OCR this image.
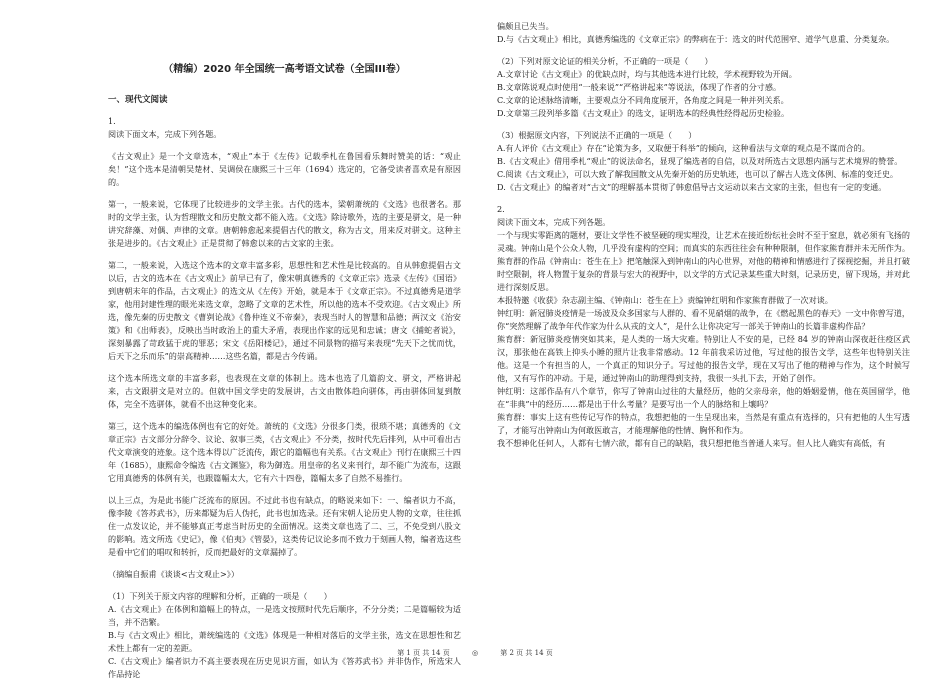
（精编）2020 年全国统一高考语文试卷（全国III卷）

一、现代文阅读

1.

阅读下面文本，完成下列各题。

《古文观止》是一个文章选本，“观止”本于《左传》记载季札在鲁国看乐舞时赞美的话：“观止矣！”这个选本是清朝吴楚材、吴调侯在康熙三十三年（1694）选定的，它备受读者喜欢是有原因的。

第一，一般来说，它体现了比较进步的文学主张。古代的选本，梁朝萧统的《文选》也很著名。那时的文学主张，认为哲理散文和历史散文都不能入选。《文选》除诗歌外，选的主要是骈文，是一种讲究辞藻、对偶、声律的文章。唐朝韩愈起来提倡古代的散文，称为古文，用来反对骈文。这种主张是进步的。《古文观止》正是贯彻了韩愈以来的古文家的主张。

第二，一般来说，入选这个选本的文章丰富多彩，思想性和艺术性是比较高的。自从韩愈提倡古文以后，古文的选本在《古文观止》前早已有了，像宋朝真德秀的《文章正宗》选录《左传》《国语》到唐朝末年的作品，古文观止》的选文从《左传》开始，就是本于《文章正宗》。不过真德秀是道学家，他用封建性理的眼光来选文章，忽略了文章的艺术性，所以他的选本不受欢迎。《古文观止》所选，像先秦的历史散文《曹刿论战》《鲁仲连义不帝秦》，表现当时人的智慧和品德；两汉文《治安策》和《出师表》，反映出当时政治上的重大矛盾，表现出作家的远见和忠诚；唐文《捕蛇者说》，深刻暴露了苛政猛于虎的罪恶；宋文《岳阳楼记》，通过不同景物的描写来表现“先天下之忧而忧，后天下之乐而乐”的崇高精神……这些名篇，都是古今传诵。

这个选本所选文章的丰富多彩，也表现在文章的体制上。选本也选了几篇韵文、骈文，严格讲起来，古文跟骈文是对立的。但就中国文学史的发展讲，古文由散体趋向骈体，再由骈体回复到散体，完全不选骈体，就看不出这种变化来。

第三，这个选本的编选体例也有它的好处。萧统的《文选》分很多门类，很琐不堪；真德秀的《文章正宗》古文部分分辞令、议论、叙事三类，《古文观止》不分类，按时代先后排列，从中可看出古代文章演变的迹象。这个选本得以广泛流传，跟它的篇幅也有关系。《古文观止》刊行在康熙三十四年（1685），康熙命令编选《古文渊鉴》，称为御选。用皇帝的名义来刊行，却不能广为流布，这跟它用真德秀的体例有关，也跟篇幅太大，它有六十四卷，篇幅太多了自然不易推行。

以上三点，为是此书能广泛流布的原因。不过此书也有缺点，的略说来如下：一、编者识力不高，像李陵《答苏武书》，历来都疑为后人伪托，此书也加选录。还有宋朝人论历史人物的文章，往往抓住一点发议论，并不能够真正考虑当时历史的全面情况。这类文章也选了二、三，不免受到八股文的影响。选文所选《史记》，像《伯夷》《管晏》，这类传记议论多而不致力于刻画人物，编者选这些是看中它们的唱叹和转折，反而把最好的文章漏掉了。

（摘编自振甫《谈谈<古文观止>》）

（1）下列关于原文内容的理解和分析，正确的一项是（　　）

A.《古文观止》在体例和篇幅上的特点，一是选文按照时代先后顺序，不分分类；二是篇幅较为适当，并不浩繁。

B.与《古文观止》相比，萧统编选的《文选》体现是一种相对落后的文学主张，选文在思想性和艺术性上都有一定的差距。

C.《古文观止》编者识力不高主要表现在历史见识方面，如认为《答苏武书》并非伪作，所选宋人作品持论

偏颇且已失当。

D.与《古文观止》相比，真德秀编选的《文章正宗》的弊病在于：选文的时代范围窄、道学气息重、分类复杂。

（2）下列对原文论证的相关分析，不正确的一项是（　　）

A.文章讨论《古文观止》的优缺点时，均与其他选本进行比较，学术视野较为开阔。

B.文章陈说观点时使用“一般来说”“严格讲起来”等说法，体现了作者的分寸感。

C.文章的论述脉络清晰，主要观点分不同角度展开，各角度之间是一种并列关系。

D.文章第三段列举多篇《古文观止》的选文，证明选本的经典性经得起历史检验。

（3）根据原文内容，下列说法不正确的一项是（　　）

A.有人评价《古文观止》存在“论策为多，又取便于科举”的倾向，这种看法与文章的观点是不谋而合的。

B.《古文观止》借用季札“观止”的说法命名，显现了编选者的自信，以及对所选古文思想内涵与艺术境界的赞誉。

C.阅读《古文观止》，可以大致了解我国散文从先秦开始的历史轨迹，也可以了解古人选文体例、标准的变迁史。

D.《古文观止》的编者对“古文”的理解基本贯彻了韩愈倡导古文运动以来古文家的主张，但也有一定的变通。

2.

阅读下面文本，完成下列各题。

一个与现实零距离的题材，要让文学性不被坚硬的现实埋没，让艺术在接近纷纭社会时不至于窒息，就必须有飞扬的灵魂。钟南山是个公众人物，几乎没有虚构的空间；而真实的东西往往会有种种限制，但作家熊育群并未无所作为。熊育群的作品《钟南山：苍生在上》把笔触深入到钟南山的内心世界，对他的精神和情感进行了探视挖掘，并且打破时空限制，将人物置于复杂的背景与宏大的视野中，以文学的方式记录某些重大时刻，记录历史，留下现场，并对此进行深刻反思。

本报特邀《收获》杂志副主编、《钟南山：苍生在上》责编钟红明和作家熊育群做了一次对谈。

钟红明：新冠肺炎疫情是一场波及众多国家与人群的、看不见硝烟的战争，在《燃起黑色的春天》一文中你曾写道，你“突然理解了战争年代作家为什么从戎的文人”，是什么让你决定写一部关于钟南山的长篇非虚构作品？

熊育群：新冠肺炎疫情突如其来，是人类的一场大灾难。特别让人不安的是，已经 84 岁的钟南山深夜赶往疫区武汉，那张他在高铁上抑头小睡的照片让我非常感动。12 年前我采访过他，写过他的报告文学，这些年也特别关注他。这是一个有担当的人，一个真正的知识分子。写过他的报告文学，现在又写出了他的精神与作为，这个时候写他，又有写作的冲动。于是，通过钟南山的助理得到支持，我很一头扎下去，开始了创作。

钟红明：这部作品有八个章节，你写了钟南山过往的大量经历，他的父亲母亲，他的婚姻爱情，他在英国留学，他在“非典”中的经历……都是出于什么考量？是要写出一个人的脉络和上壤吗？

熊育群：事实上这有些传记写作的特点，我想把他的一生呈现出来，当然是有重点有选择的，只有把他的人生写透了，才能写出钟南山为何敢医敢言，才能理解他的性情、胸怀和作为。

我不想神化任何人，人都有七情六欲，都有自己的缺陷，我只想把他当普通人来写。但人比人确实有高低，有

第 1 页 共 14 页	◎	第 2 页 共 14 页
